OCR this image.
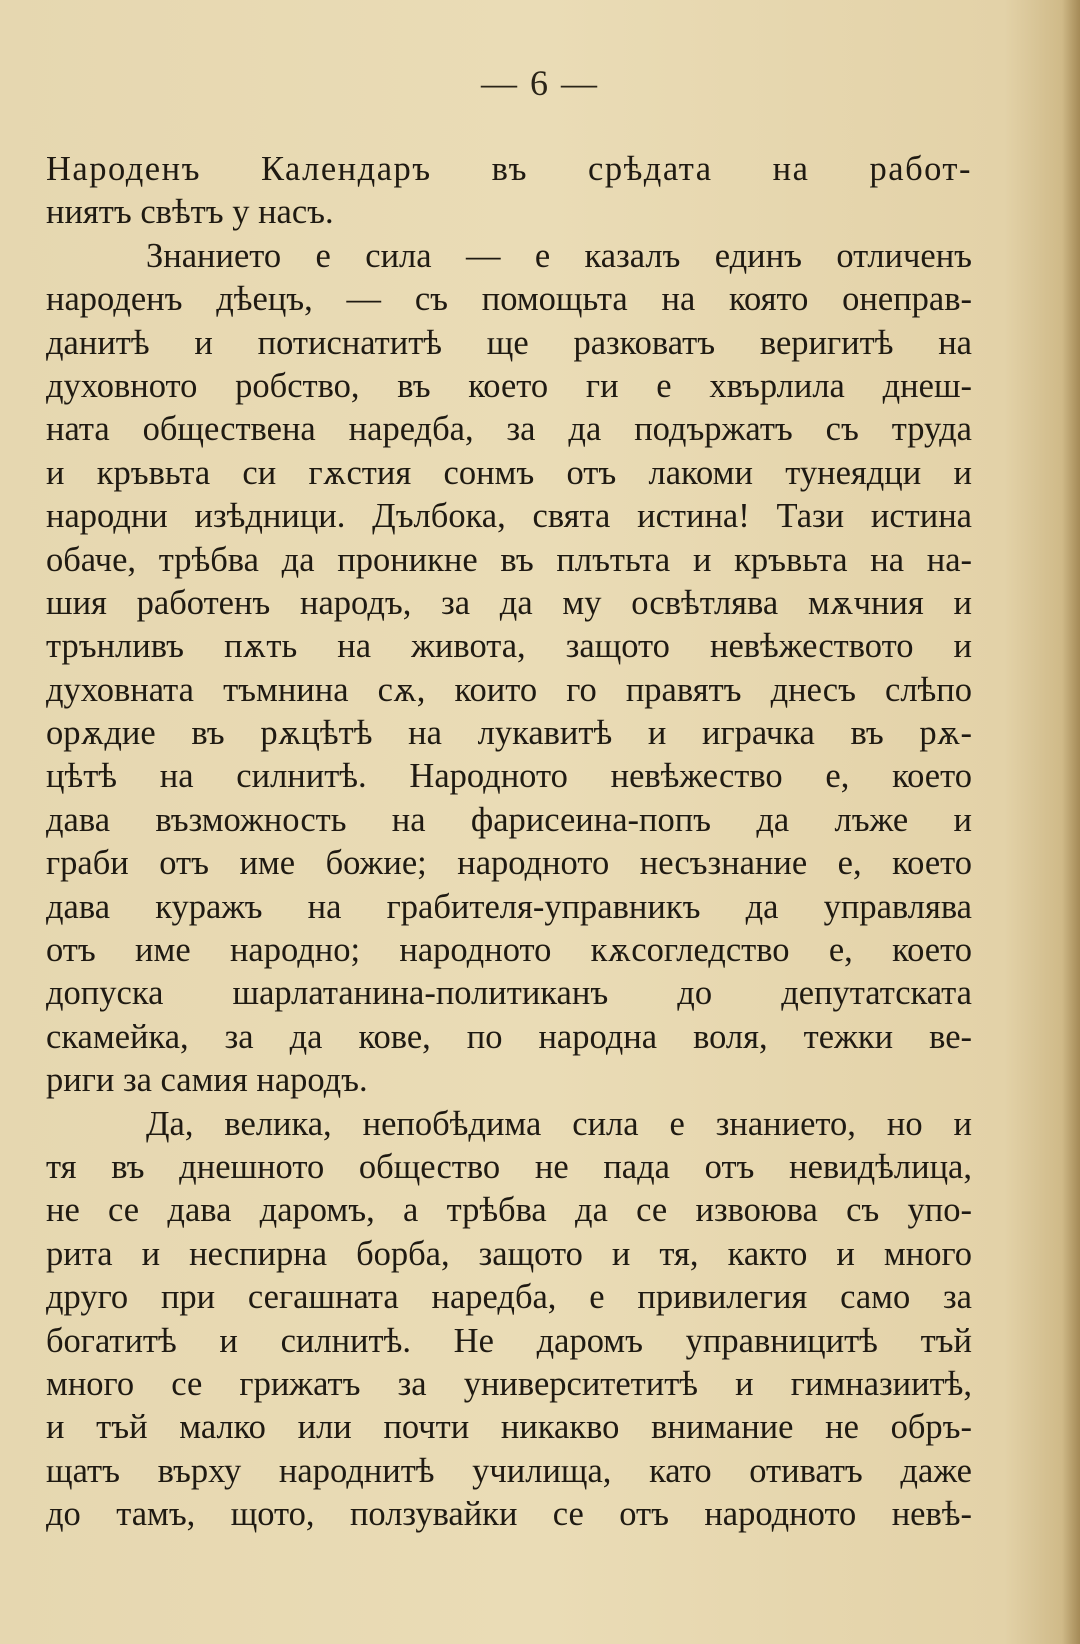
— 6 —
Народенъ Календаръ въ срѣдата на работ-
ниятъ свѣтъ у насъ.
Знанието е сила — е казалъ единъ отличенъ
народенъ дѣецъ, — съ помощьта на която онеправ-
данитѣ и потиснатитѣ ще разковатъ веригитѣ на
духовното робство, въ което ги е хвърлила днеш-
ната обществена наредба, за да подържатъ съ труда
и кръвьта си гѫстия сонмъ отъ лакоми тунеядци и
народни изѣдници. Дълбока, свята истина! Тази истина
обаче, трѣбва да проникне въ плътьта и кръвьта на на-
шия работенъ народъ, за да му освѣтлява мѫчния и
трънливъ пѫть на живота, защото невѣжеството и
духовната тъмнина сѫ, които го правятъ днесъ слѣпо
орѫдие въ рѫцѣтѣ на лукавитѣ и играчка въ рѫ-
цѣтѣ на силнитѣ. Народното невѣжество е, което
дава възможность на фарисеина-попъ да лъже и
граби отъ име божие; народното несъзнание е, което
дава куражъ на грабителя-управникъ да управлява
отъ име народно; народното кѫсогледство е, което
допуска шарлатанина-политиканъ до депутатската
скамейка, за да кове, по народна воля, тежки ве-
риги за самия народъ.
Да, велика, непобѣдима сила е знанието, но и
тя въ днешното общество не пада отъ невидѣлица,
не се дава даромъ, а трѣбва да се извоюва съ упо-
рита и неспирна борба, защото и тя, както и много
друго при сегашната наредба, е привилегия само за
богатитѣ и силнитѣ. Не даромъ управницитѣ тъй
много се грижатъ за университетитѣ и гимназиитѣ,
и тъй малко или почти никакво внимание не обръ-
щатъ върху народнитѣ училища, като отиватъ даже
до тамъ, щото, ползувайки се отъ народното невѣ-
